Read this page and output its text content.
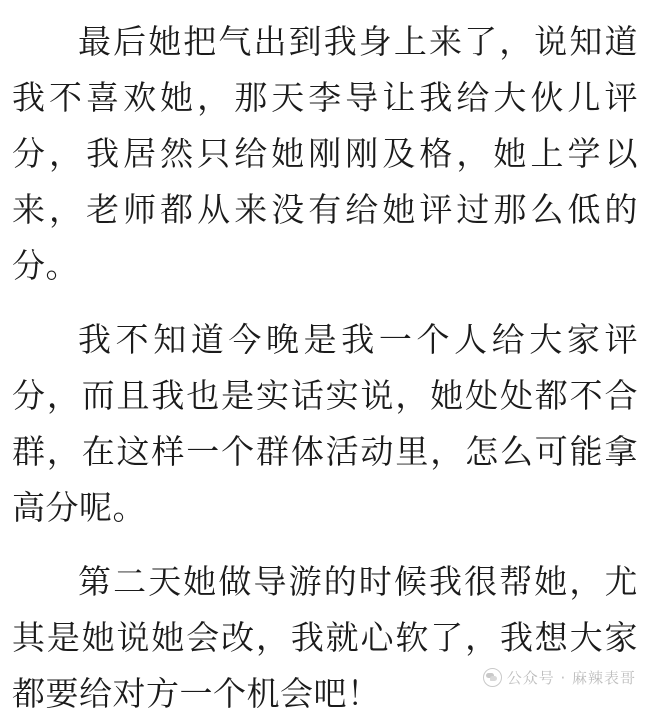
最后她把气出到我身上来了，说知道我不喜欢她，那天李导让我给大伙儿评分，我居然只给她刚刚及格，她上学以来，老师都从来没有给她评过那么低的分。

我不知道今晚是我一个人给大家评分，而且我也是实话实说，她处处都不合群，在这样一个群体活动里，怎么可能拿高分呢。

第二天她做导游的时候我很帮她，尤其是她说她会改，我就心软了，我想大家都要给对方一个机会吧！	公众号 · 麻辣表哥
